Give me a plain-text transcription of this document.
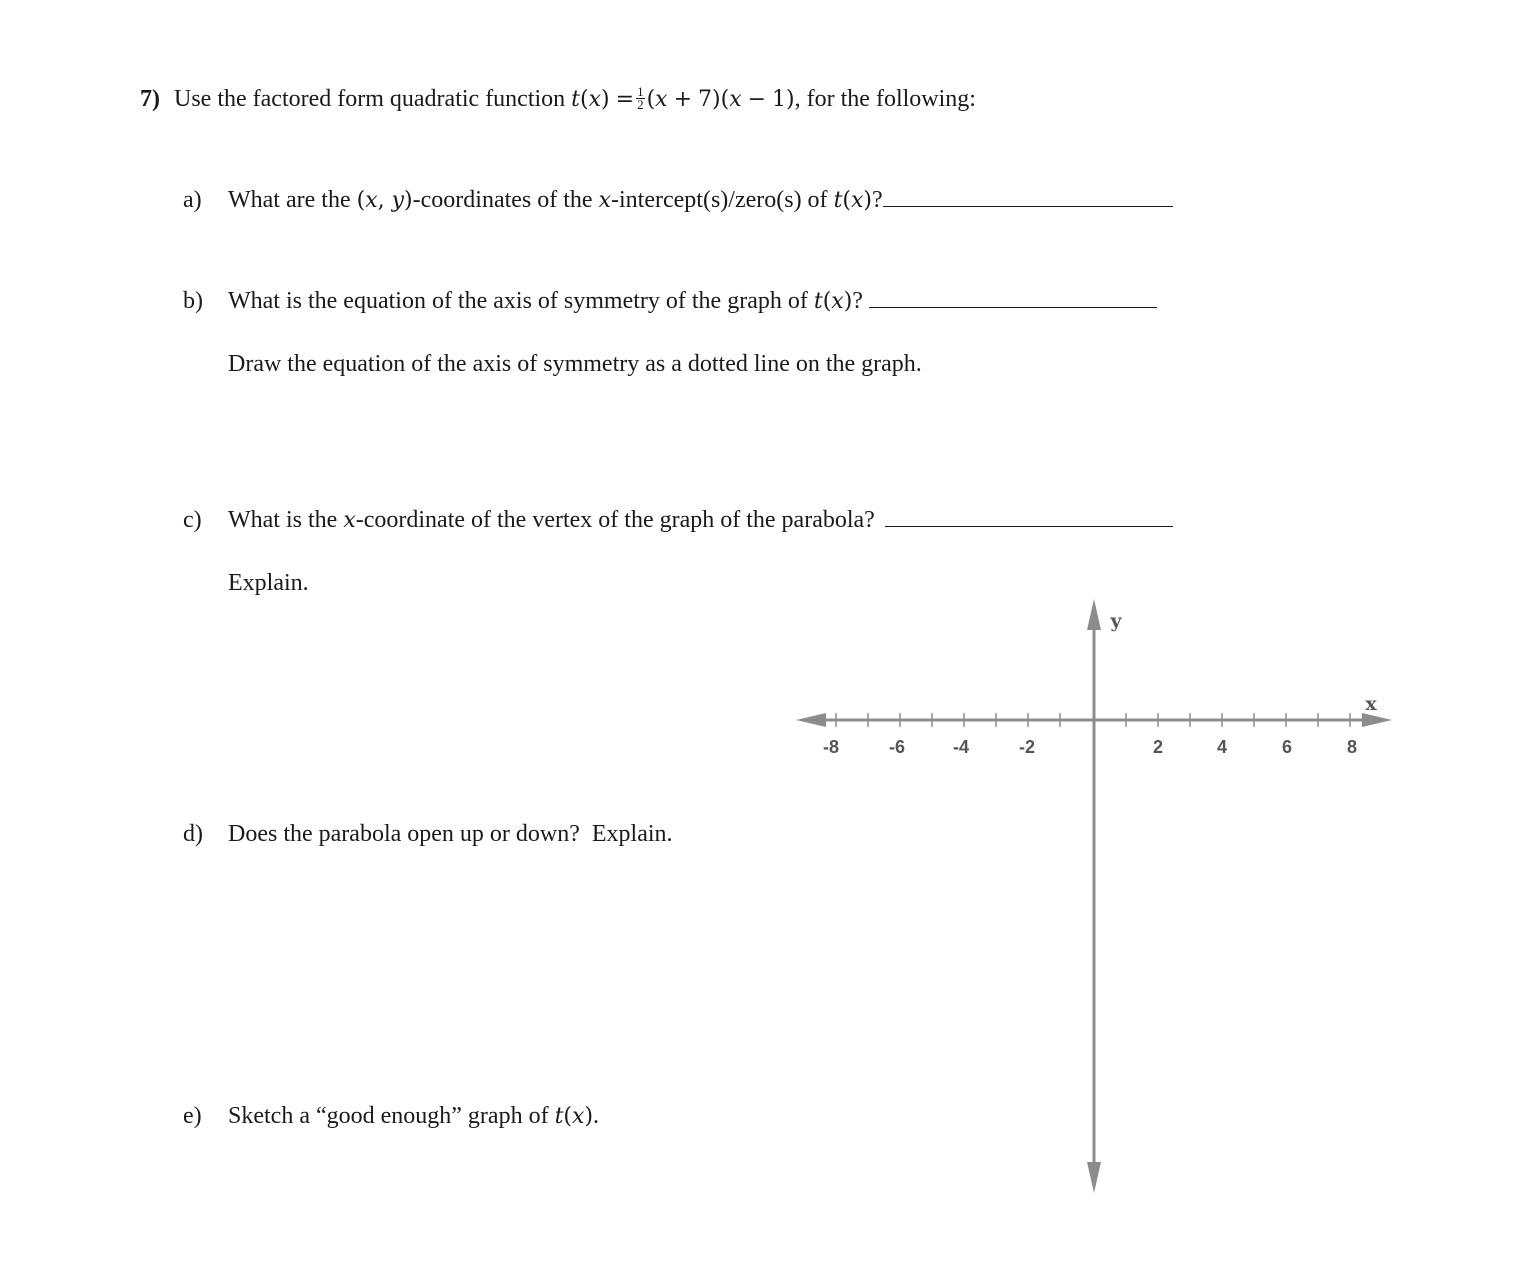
7) Use the factored form quadratic function $t(x) = \frac{1}{2} (x + 7)(x - 1)$, for the following:
a) What are the (x, y)-coordinates of the x-intercept(s)/zero(s) of t(x)?
b) What is the equation of the axis of symmetry of the graph of t(x)?
Draw the equation of the axis of symmetry as a dotted line on the graph.
c) What is the x-coordinate of the vertex of the graph of the parabola?
Explain.
d) Does the parabola open up or down?  Explain.
e) Sketch a “good enough” graph of t(x).
-8	-6	-4	-2	2	4	6	8
x
y
